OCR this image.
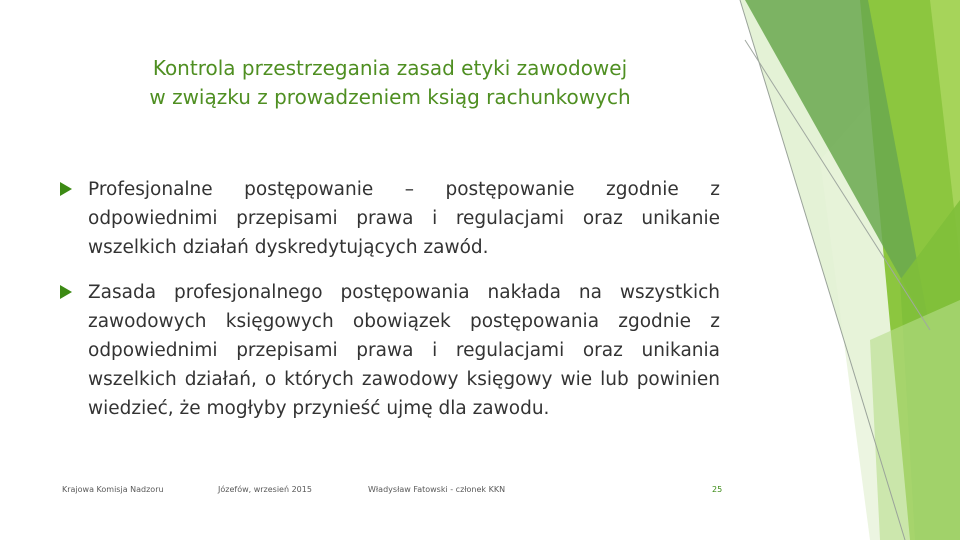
Kontrola przestrzegania zasad etyki zawodowej
w związku z prowadzeniem ksiąg rachunkowych
Profesjonalne postępowanie – postępowanie zgodnie z odpowiednimi przepisami prawa i regulacjami oraz unikanie wszelkich działań dyskredytujących zawód.
Zasada profesjonalnego postępowania nakłada na wszystkich zawodowych księgowych obowiązek postępowania zgodnie z odpowiednimi przepisami prawa i regulacjami oraz unikania wszelkich działań, o których zawodowy księgowy wie lub powinien wiedzieć, że mogłyby przynieść ujmę dla zawodu.
Krajowa Komisja Nadzoru	Józefów, wrzesień 2015	Władysław Fatowski - członek KKN	25
